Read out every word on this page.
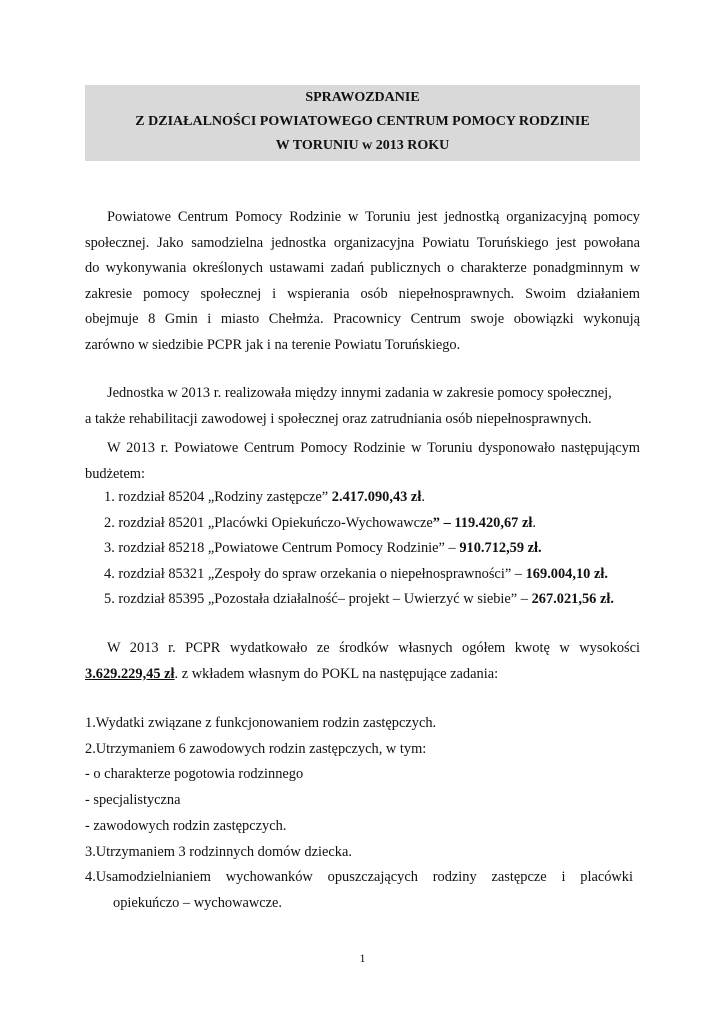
SPRAWOZDANIE
Z DZIAŁALNOŚCI POWIATOWEGO CENTRUM POMOCY RODZINIE
W TORUNIU w 2013 ROKU
Powiatowe Centrum Pomocy Rodzinie w Toruniu jest jednostką organizacyjną pomocy
społecznej. Jako samodzielna jednostka organizacyjna Powiatu Toruńskiego jest powołana
do wykonywania określonych ustawami zadań publicznych o charakterze ponadgminnym w
zakresie pomocy społecznej i wspierania osób niepełnosprawnych. Swoim działaniem
obejmuje 8 Gmin i miasto Chełmża. Pracownicy Centrum swoje obowiązki wykonują
zarówno w siedzibie PCPR jak i na terenie Powiatu Toruńskiego.
Jednostka w 2013 r. realizowała między innymi zadania w zakresie pomocy społecznej,
a także rehabilitacji zawodowej i społecznej oraz zatrudniania osób niepełnosprawnych.
W 2013 r. Powiatowe Centrum Pomocy Rodzinie w Toruniu dysponowało następującym
budżetem:
1. rozdział 85204 „Rodziny zastępcze” 2.417.090,43 zł.
2. rozdział 85201 „Placówki Opiekuńczo-Wychowawcze” – 119.420,67 zł.
3. rozdział 85218 „Powiatowe Centrum Pomocy Rodzinie” – 910.712,59 zł.
4. rozdział 85321 „Zespoły do spraw orzekania o niepełnosprawności” – 169.004,10 zł.
5. rozdział 85395 „Pozostała działalność– projekt – Uwierzyć w siebie” – 267.021,56 zł.
W 2013 r. PCPR wydatkowało ze środków własnych ogółem kwotę w wysokości
3.629.229,45 zł. z wkładem własnym do POKL na następujące zadania:
1.Wydatki związane z funkcjonowaniem rodzin zastępczych.
2.Utrzymaniem 6 zawodowych rodzin zastępczych, w tym:
- o charakterze pogotowia rodzinnego
- specjalistyczna
- zawodowych rodzin zastępczych.
3.Utrzymaniem 3 rodzinnych domów dziecka.
4.Usamodzielnianiem wychowanków opuszczających rodziny zastępcze i placówki
opiekuńczo – wychowawcze.
1
